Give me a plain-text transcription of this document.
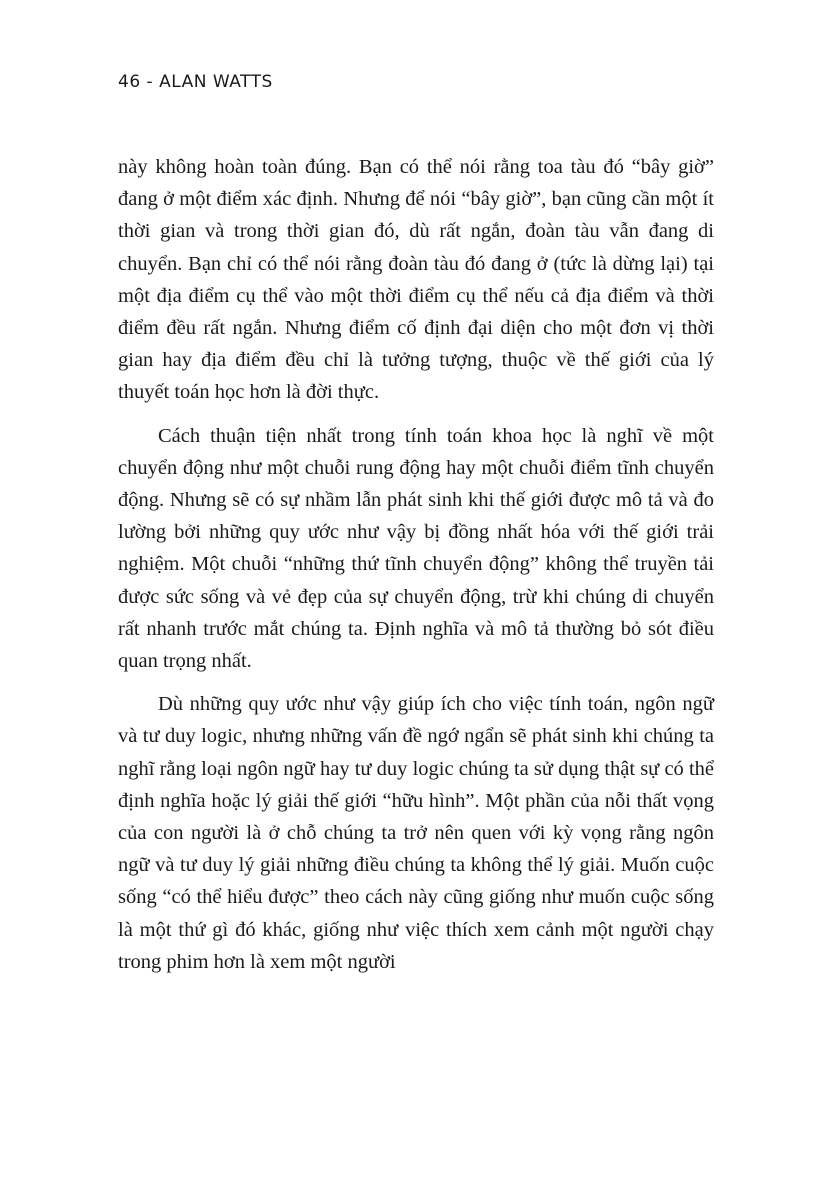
46 - ALAN WATTS

này không hoàn toàn đúng. Bạn có thể nói rằng toa tàu đó “bây giờ” đang ở một điểm xác định. Nhưng để nói “bây giờ”, bạn cũng cần một ít thời gian và trong thời gian đó, dù rất ngắn, đoàn tàu vẫn đang di chuyển. Bạn chỉ có thể nói rằng đoàn tàu đó đang ở (tức là dừng lại) tại một địa điểm cụ thể vào một thời điểm cụ thể nếu cả địa điểm và thời điểm đều rất ngắn. Nhưng điểm cố định đại diện cho một đơn vị thời gian hay địa điểm đều chỉ là tưởng tượng, thuộc về thế giới của lý thuyết toán học hơn là đời thực.

Cách thuận tiện nhất trong tính toán khoa học là nghĩ về một chuyển động như một chuỗi rung động hay một chuỗi điểm tĩnh chuyển động. Nhưng sẽ có sự nhầm lẫn phát sinh khi thế giới được mô tả và đo lường bởi những quy ước như vậy bị đồng nhất hóa với thế giới trải nghiệm. Một chuỗi “những thứ tĩnh chuyển động” không thể truyền tải được sức sống và vẻ đẹp của sự chuyển động, trừ khi chúng di chuyển rất nhanh trước mắt chúng ta. Định nghĩa và mô tả thường bỏ sót điều quan trọng nhất.

Dù những quy ước như vậy giúp ích cho việc tính toán, ngôn ngữ và tư duy logic, nhưng những vấn đề ngớ ngẩn sẽ phát sinh khi chúng ta nghĩ rằng loại ngôn ngữ hay tư duy logic chúng ta sử dụng thật sự có thể định nghĩa hoặc lý giải thế giới “hữu hình”. Một phần của nỗi thất vọng của con người là ở chỗ chúng ta trở nên quen với kỳ vọng rằng ngôn ngữ và tư duy lý giải những điều chúng ta không thể lý giải. Muốn cuộc sống “có thể hiểu được” theo cách này cũng giống như muốn cuộc sống là một thứ gì đó khác, giống như việc thích xem cảnh một người chạy trong phim hơn là xem một người
